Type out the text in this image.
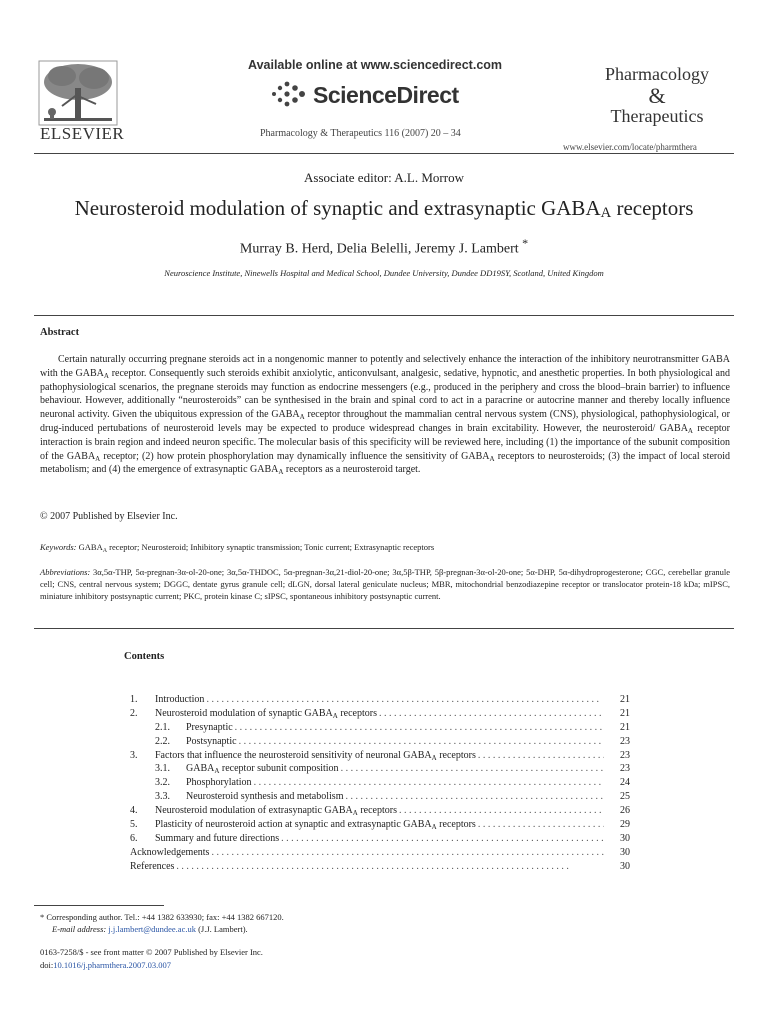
ELSEVIER
Available online at www.sciencedirect.com
ScienceDirect
Pharmacology & Therapeutics 116 (2007) 20 – 34
Pharmacology
&
Therapeutics
www.elsevier.com/locate/pharmthera
Associate editor: A.L. Morrow
Neurosteroid modulation of synaptic and extrasynaptic $GABA_A$ receptors
Murray B. Herd, Delia Belelli, Jeremy J. Lambert *
Neuroscience Institute, Ninewells Hospital and Medical School, Dundee University, Dundee DD19SY, Scotland, United Kingdom
Abstract

Certain naturally occurring pregnane steroids act in a nongenomic manner to potently and selectively enhance the interaction of the inhibitory neurotransmitter GABA with the $GABA_A$ receptor. Consequently such steroids exhibit anxiolytic, anticonvulsant, analgesic, sedative, hypnotic, and anesthetic properties. In both physiological and pathophysiological scenarios, the pregnane steroids may function as endocrine messengers (e.g., produced in the periphery and cross the blood–brain barrier) to influence behaviour. However, additionally “neurosteroids” can be synthesised in the brain and spinal cord to act in a paracrine or autocrine manner and thereby locally influence neuronal activity. Given the ubiquitous expression of the $GABA_A$ receptor throughout the mammalian central nervous system (CNS), physiological, pathophysiological, or drug-induced pertubations of neurosteroid levels may be expected to produce widespread changes in brain excitability. However, the neurosteroid/ $GABA_A$ receptor interaction is brain region and indeed neuron specific. The molecular basis of this specificity will be reviewed here, including (1) the importance of the subunit composition of the $GABA_A$ receptor; (2) how protein phosphorylation may dynamically influence the sensitivity of $GABA_A$ receptors to neurosteroids; (3) the impact of local steroid metabolism; and (4) the emergence of extrasynaptic $GABA_A$ receptors as a neurosteroid target.

© 2007 Published by Elsevier Inc.
Keywords: $GABA_A$ receptor; Neurosteroid; Inhibitory synaptic transmission; Tonic current; Extrasynaptic receptors

Abbreviations: 3α,5α-THP, 5α-pregnan-3α-ol-20-one; 3α,5α-THDOC, 5α-pregnan-3α,21-diol-20-one; 3α,5β-THP, 5β-pregnan-3α-ol-20-one; 5α-DHP, 5α-dihydroprogesterone; CGC, cerebellar granule cell; CNS, central nervous system; DGGC, dentate gyrus granule cell; dLGN, dorsal lateral geniculate nucleus; MBR, mitochondrial benzodiazepine receptor or translocator protein-18 kDa; mIPSC, miniature inhibitory postsynaptic current; PKC, protein kinase C; sIPSC, spontaneous inhibitory postsynaptic current.

Contents
1.	Introduction . . .	21
2.	Neurosteroid modulation of synaptic $GABA_A$ receptors . . .	21
2.1.	Presynaptic . . .	21
2.2.	Postsynaptic . . .	23
3.	Factors that influence the neurosteroid sensitivity of neuronal $GABA_A$ receptors . . .	23
3.1.	$GABA_A$ receptor subunit composition . . .	23
3.2.	Phosphorylation . . .	24
3.3.	Neurosteroid synthesis and metabolism . . .	25
4.	Neurosteroid modulation of extrasynaptic $GABA_A$ receptors . . .	26
5.	Plasticity of neurosteroid action at synaptic and extrasynaptic $GABA_A$ receptors . . .	29
6.	Summary and future directions . . .	30
Acknowledgements . . .	30
References . . .	30
* Corresponding author. Tel.: +44 1382 633930; fax: +44 1382 667120.
E-mail address: j.j.lambert@dundee.ac.uk (J.J. Lambert).
0163-7258/$ - see front matter © 2007 Published by Elsevier Inc.
doi:10.1016/j.pharmthera.2007.03.007
